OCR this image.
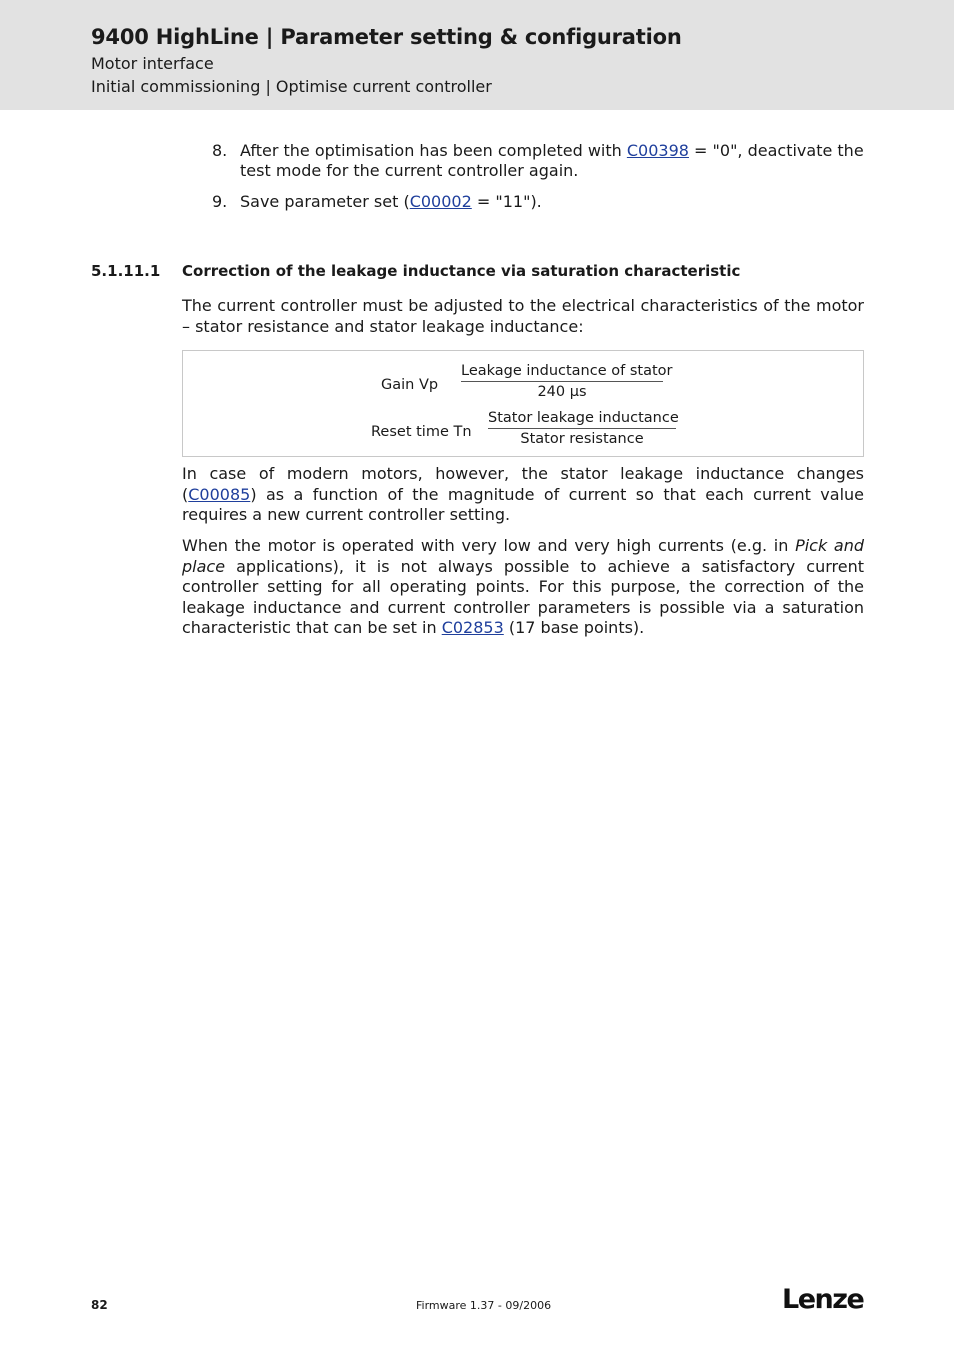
9400 HighLine | Parameter setting & configuration
Motor interface
Initial commissioning | Optimise current controller
8. After the optimisation has been completed with C00398 = "0", deactivate the test mode for the current controller again.
9. Save parameter set (C00002 = "11").
5.1.11.1 Correction of the leakage inductance via saturation characteristic
The current controller must be adjusted to the electrical characteristics of the motor – stator resistance and stator leakage inductance:
Gain Vp
Leakage inductance of stator
240 µs
Reset time Tn
Stator leakage inductance
Stator resistance
In case of modern motors, however, the stator leakage inductance changes (C00085) as a function of the magnitude of current so that each current value requires a new current controller setting.
When the motor is operated with very low and very high currents (e.g. in Pick and place applications), it is not always possible to achieve a satisfactory current controller setting for all operating points. For this purpose, the correction of the leakage inductance and current controller parameters is possible via a saturation characteristic that can be set in C02853 (17 base points).
82	Firmware 1.37 - 09/2006	Lenze
